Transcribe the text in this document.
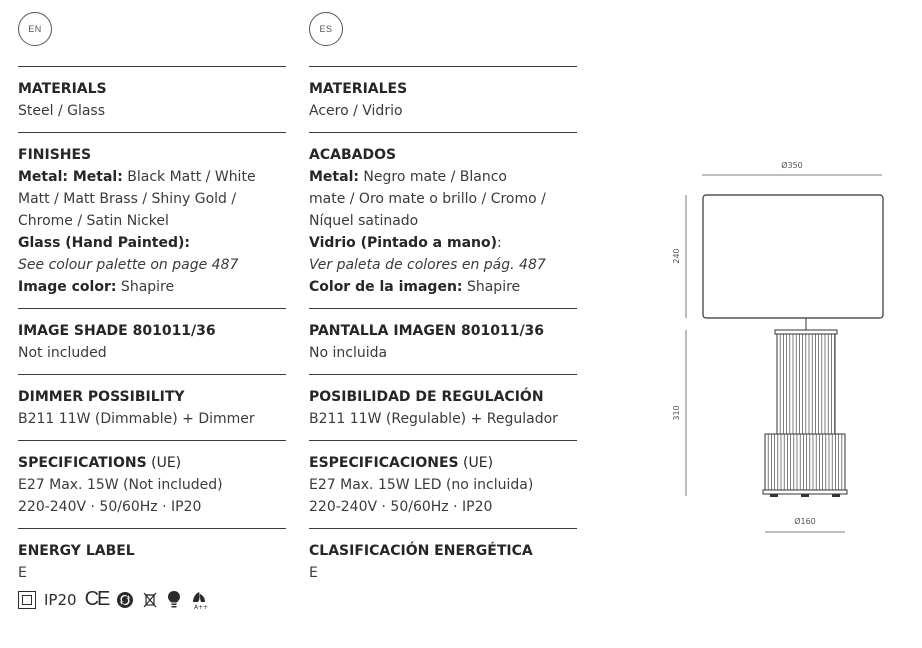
EN	ES
MATERIALS
Steel / Glass
FINISHES
Metal: Metal: Black Matt / White
Matt / Matt Brass / Shiny Gold /
Chrome / Satin Nickel
Glass (Hand Painted):
See colour palette on page 487
Image color: Shapire
IMAGE SHADE 801011/36
Not included
DIMMER POSSIBILITY
B211 11W (Dimmable) + Dimmer
SPECIFICATIONS (UE)
E27 Max. 15W (Not included)
220-240V · 50/60Hz · IP20
ENERGY LABEL
E
IP20 CE	A++
MATERIALES
Acero / Vidrio
ACABADOS
Metal: Negro mate / Blanco
mate / Oro mate o brillo / Cromo /
Níquel satinado
Vidrio (Pintado a mano):
Ver paleta de colores en pág. 487
Color de la imagen: Shapire
PANTALLA IMAGEN 801011/36
No incluida
POSIBILIDAD DE REGULACIÓN
B211 11W (Regulable) + Regulador
ESPECIFICACIONES (UE)
E27 Max. 15W LED (no incluida)
220-240V · 50/60Hz · IP20
CLASIFICACIÓN ENERGÉTICA
E
Ø350
240
310
Ø160
